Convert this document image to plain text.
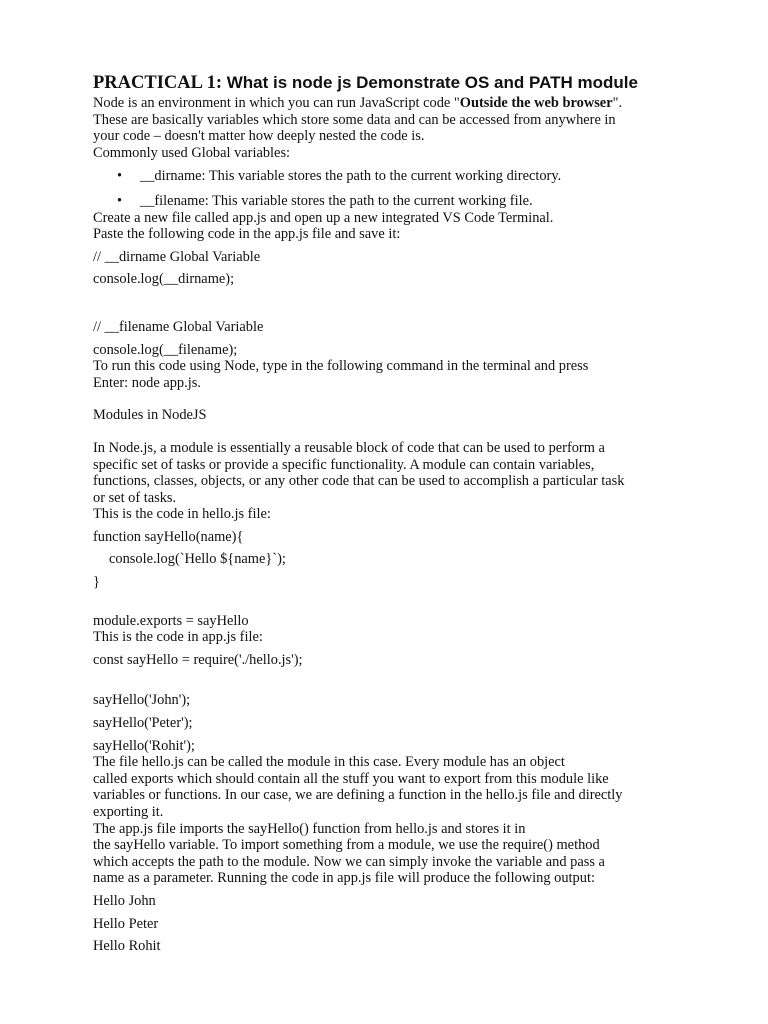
PRACTICAL 1: What is node js Demonstrate OS and PATH module

Node is an environment in which you can run JavaScript code "Outside the web browser".

These are basically variables which store some data and can be accessed from anywhere in

your code – doesn't matter how deeply nested the code is.

Commonly used Global variables:

• __dirname: This variable stores the path to the current working directory.
• __filename: This variable stores the path to the current working file.

Create a new file called app.js and open up a new integrated VS Code Terminal.

Paste the following code in the app.js file and save it:

// __dirname Global Variable

console.log(__dirname);

// __filename Global Variable

console.log(__filename);

To run this code using Node, type in the following command in the terminal and press

Enter: node app.js.

Modules in NodeJS

In Node.js, a module is essentially a reusable block of code that can be used to perform a

specific set of tasks or provide a specific functionality. A module can contain variables,

functions, classes, objects, or any other code that can be used to accomplish a particular task

or set of tasks.

This is the code in hello.js file:

function sayHello(name){

console.log(`Hello ${name}`);

}

module.exports = sayHello

This is the code in app.js file:

const sayHello = require('./hello.js');

sayHello('John');

sayHello('Peter');

sayHello('Rohit');

The file hello.js can be called the module in this case. Every module has an object

called exports which should contain all the stuff you want to export from this module like

variables or functions. In our case, we are defining a function in the hello.js file and directly

exporting it.

The app.js file imports the sayHello() function from hello.js and stores it in

the sayHello variable. To import something from a module, we use the require() method

which accepts the path to the module. Now we can simply invoke the variable and pass a

name as a parameter. Running the code in app.js file will produce the following output:

Hello John

Hello Peter

Hello Rohit
